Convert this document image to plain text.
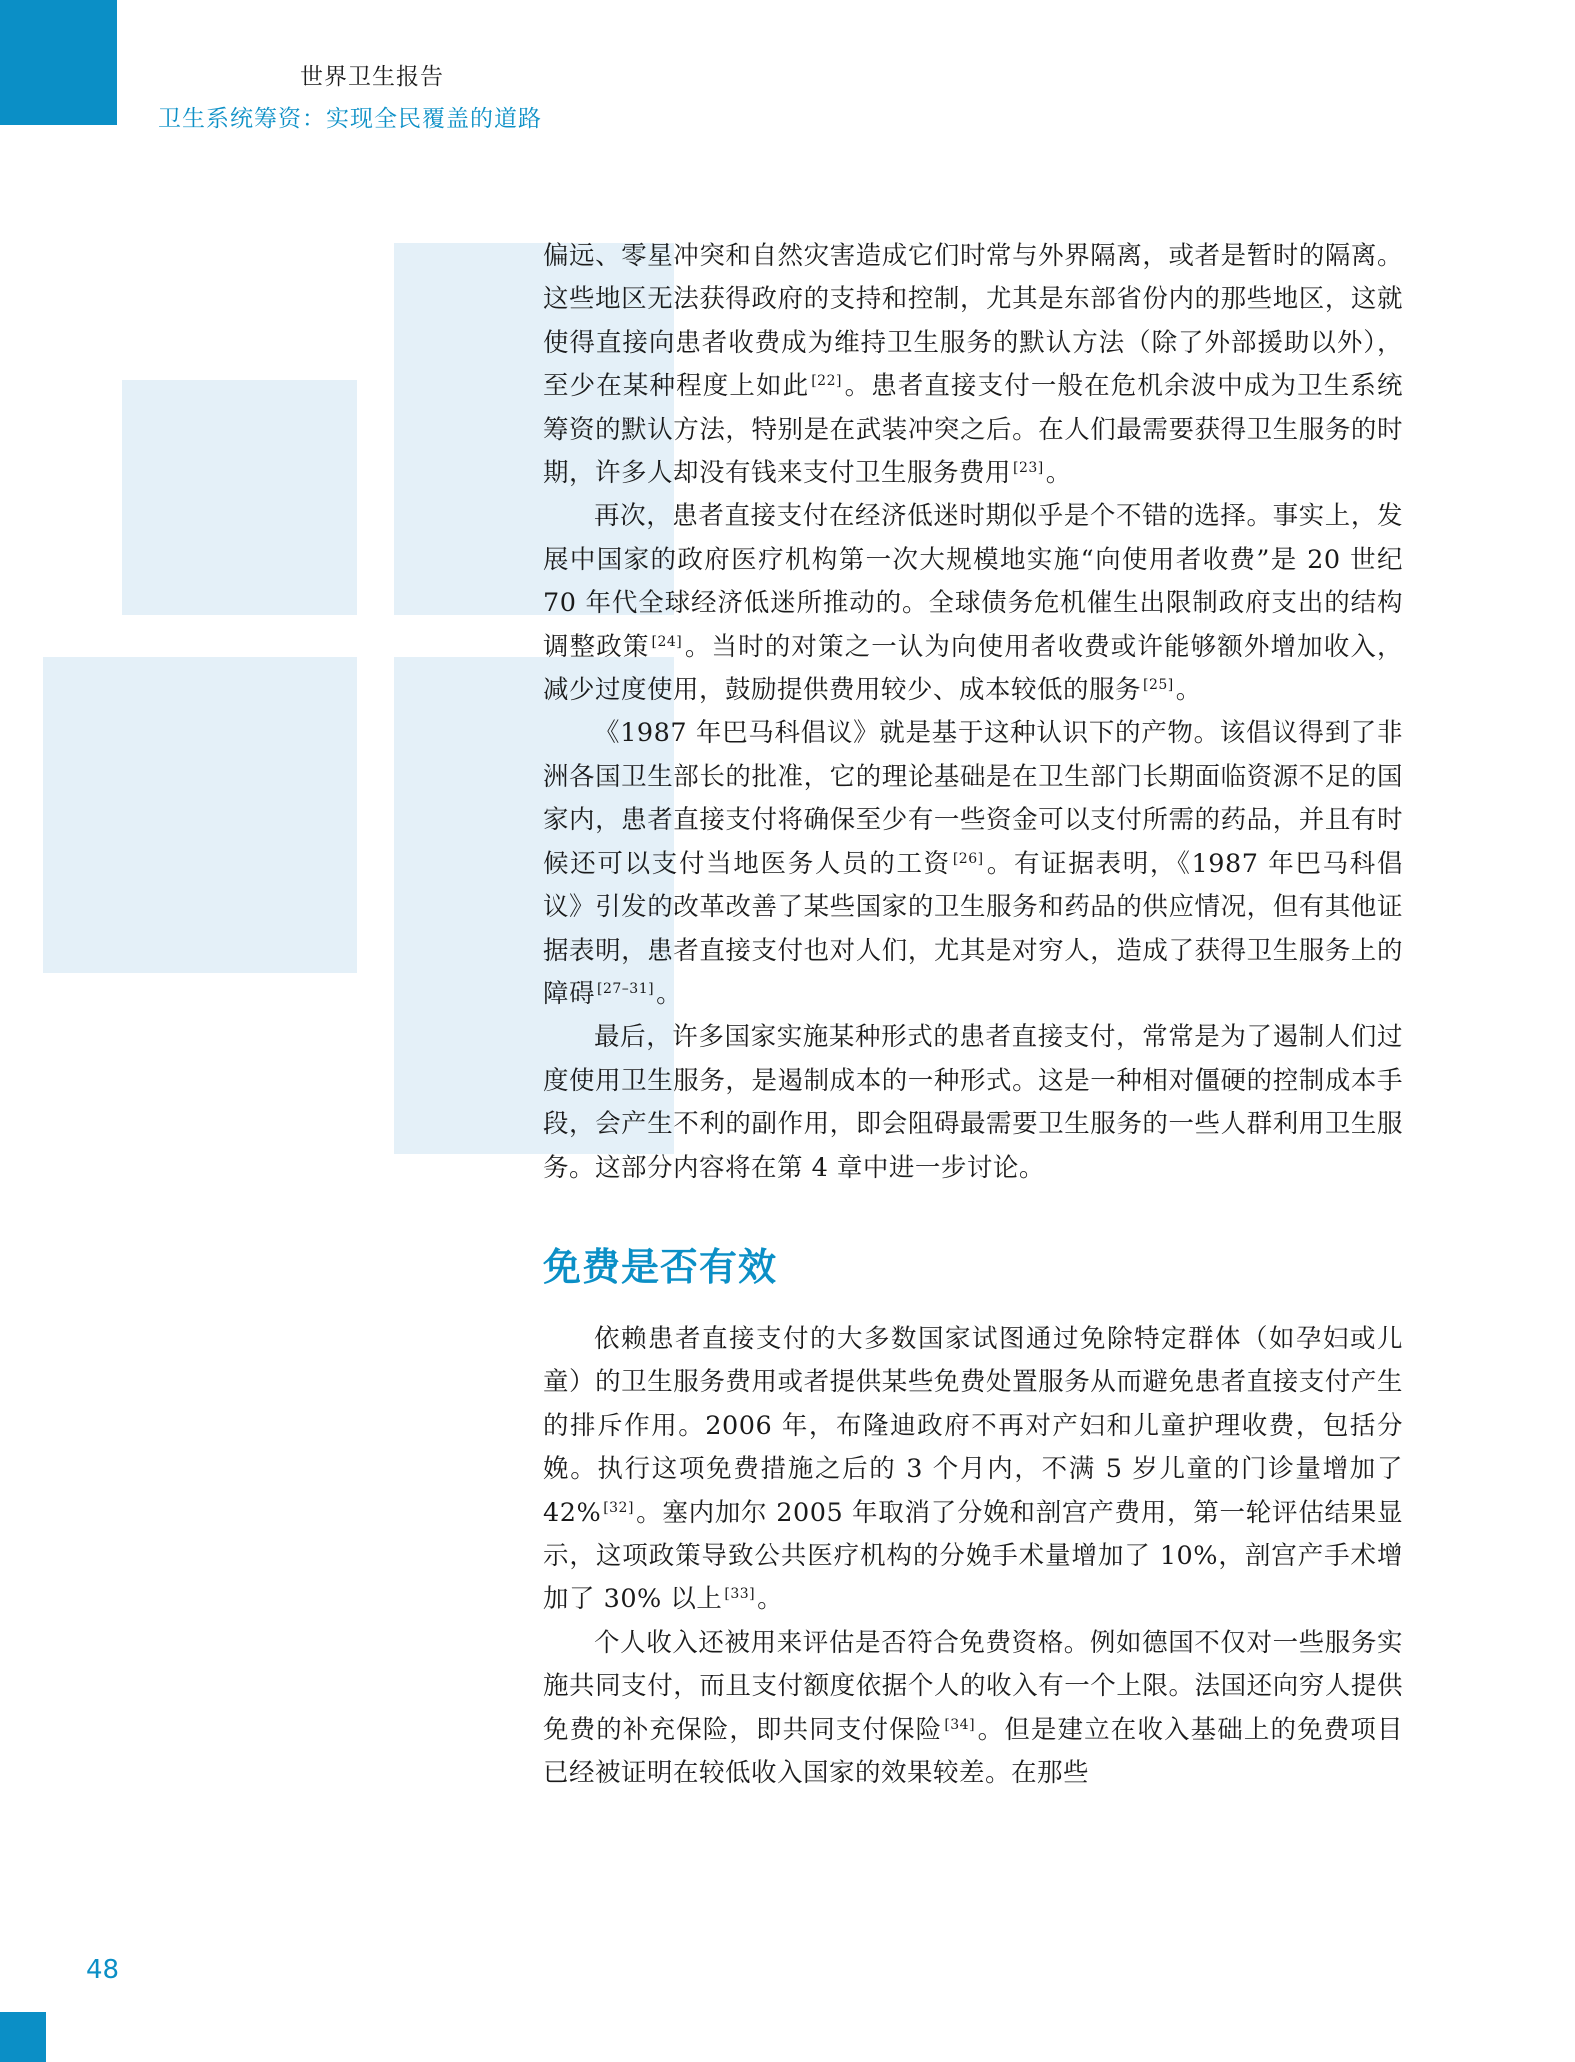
世界卫生报告
卫生系统筹资：实现全民覆盖的道路

偏远、零星冲突和自然灾害造成它们时常与外界隔离，或者是暂时的隔离。这些地区无法获得政府的支持和控制，尤其是东部省份内的那些地区，这就使得直接向患者收费成为维持卫生服务的默认方法（除了外部援助以外），至少在某种程度上如此 [22]。患者直接支付一般在危机余波中成为卫生系统筹资的默认方法，特别是在武装冲突之后。在人们最需要获得卫生服务的时期，许多人却没有钱来支付卫生服务费用 [23]。

再次，患者直接支付在经济低迷时期似乎是个不错的选择。事实上，发展中国家的政府医疗机构第一次大规模地实施“向使用者收费”是 20 世纪 70 年代全球经济低迷所推动的。全球债务危机催生出限制政府支出的结构调整政策 [24]。当时的对策之一认为向使用者收费或许能够额外增加收入， 减少过度使用，鼓励提供费用较少、成本较低的服务 [25]。

《1987 年巴马科倡议》就是基于这种认识下的产物。该倡议得到了非洲各国卫生部长的批准，它的理论基础是在卫生部门长期面临资源不足的国家内，患者直接支付将确保至少有一些资金可以支付所需的药品，并且有时候还可以支付当地医务人员的工资 [26]。有证据表明，《1987 年巴马科倡议》引发的改革改善了某些国家的卫生服务和药品的供应情况，但有其他证据表明，患者直接支付也对人们，尤其是对穷人，造成了获得卫生服务上的障碍 [27–31]。

最后，许多国家实施某种形式的患者直接支付，常常是为了遏制人们过度使用卫生服务，是遏制成本的一种形式。这是一种相对僵硬的控制成本手段，会产生不利的副作用，即会阻碍最需要卫生服务的一些人群利用卫生服务。这部分内容将在第 4 章中进一步讨论。

免费是否有效

依赖患者直接支付的大多数国家试图通过免除特定群体（如孕妇或儿童）的卫生服务费用或者提供某些免费处置服务从而避免患者直接支付产生的排斥作用。2006 年，布隆迪政府不再对产妇和儿童护理收费，包括分娩。执行这项免费措施之后的 3 个月内，不满 5 岁儿童的门诊量增加了 42% [32]。塞内加尔 2005 年取消了分娩和剖宫产费用，第一轮评估结果显示，这项政策导致公共医疗机构的分娩手术量增加了 10%，剖宫产手术增加了 30% 以上 [33]。

个人收入还被用来评估是否符合免费资格。例如德国不仅对一些服务实施共同支付，而且支付额度依据个人的收入有一个上限。法国还向穷人提供免费的补充保险，即共同支付保险 [34]。但是建立在收入基础上的免费项目已经被证明在较低收入国家的效果较差。在那些

48
